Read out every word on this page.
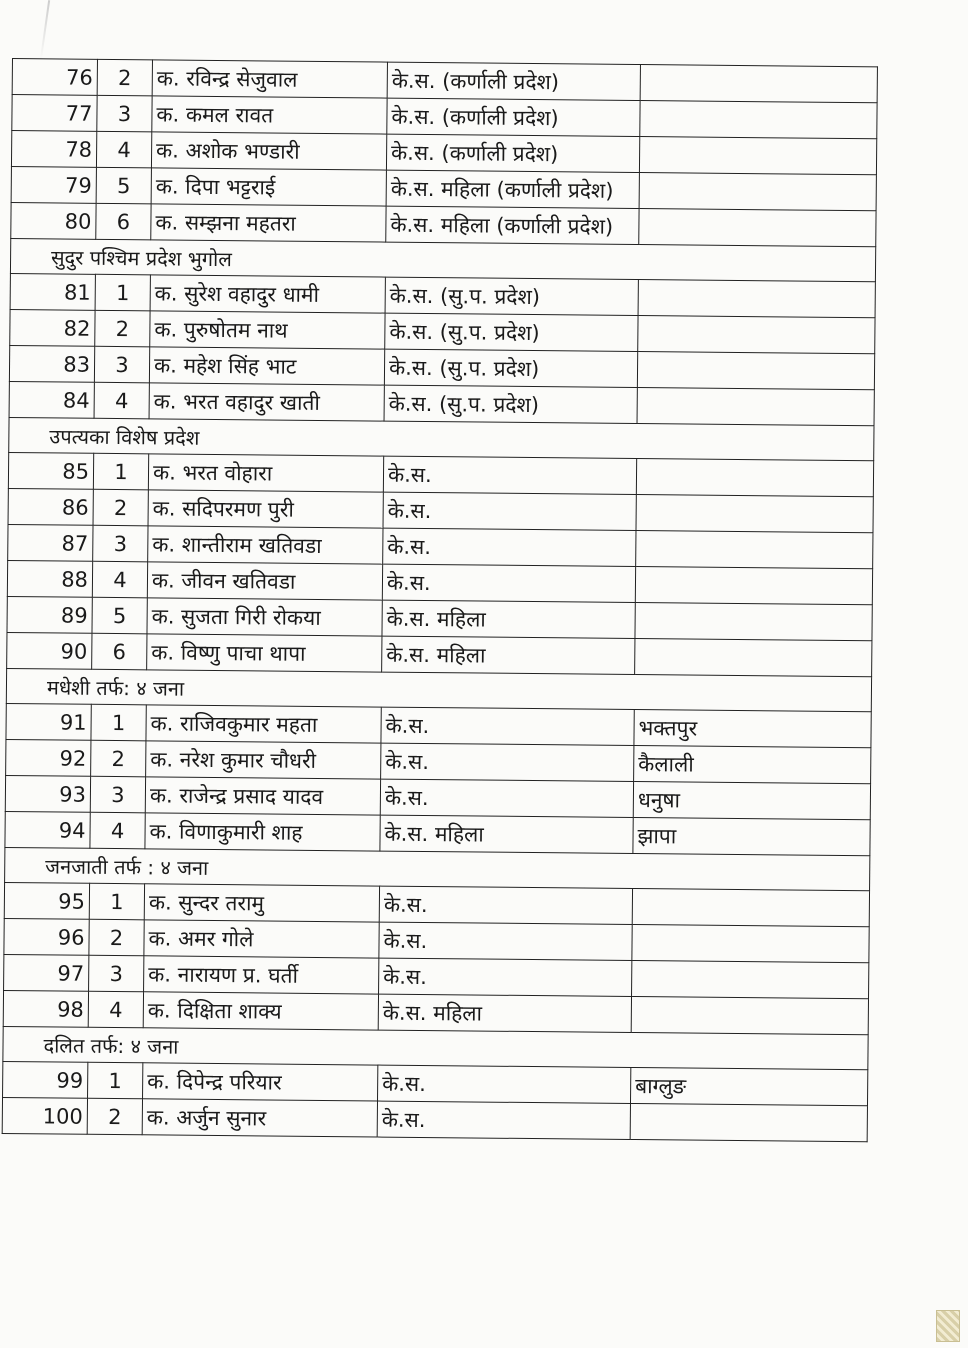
76	2	क. रविन्द्र सेजुवाल	के.स. (कर्णाली प्रदेश)	
77	3	क. कमल रावत	के.स. (कर्णाली प्रदेश)	
78	4	क. अशोक भण्डारी	के.स. (कर्णाली प्रदेश)	
79	5	क. दिपा भट्टराई	के.स. महिला (कर्णाली प्रदेश)	
80	6	क. सम्झना महतरा	के.स. महिला (कर्णाली प्रदेश)	
सुदुर पश्चिम प्रदेश भुगोल				
81	1	क. सुरेश वहादुर धामी	के.स. (सु.प. प्रदेश)	
82	2	क. पुरुषोतम नाथ	के.स. (सु.प. प्रदेश)	
83	3	क. महेश सिंह भाट	के.स. (सु.प. प्रदेश)	
84	4	क. भरत वहादुर खाती	के.स. (सु.प. प्रदेश)	
उपत्यका विशेष प्रदेश				
85	1	क. भरत वोहारा	के.स.	
86	2	क. सदिपरमण पुरी	के.स.	
87	3	क. शान्तीराम खतिवडा	के.स.	
88	4	क. जीवन खतिवडा	के.स.	
89	5	क. सुजता गिरी रोकया	के.स. महिला	
90	6	क. विष्णु पाचा थापा	के.स. महिला	
मधेशी तर्फ: ४ जना				
91	1	क. राजिवकुमार महता	के.स.	भक्तपुर
92	2	क. नरेश कुमार चौधरी	के.स.	कैलाली
93	3	क. राजेन्द्र प्रसाद यादव	के.स.	धनुषा
94	4	क. विणाकुमारी शाह	के.स. महिला	झापा
जनजाती तर्फ : ४ जना				
95	1	क. सुन्दर तरामु	के.स.	
96	2	क. अमर गोले	के.स.	
97	3	क. नारायण प्र. घर्ती	के.स.	
98	4	क. दिक्षिता शाक्य	के.स. महिला	
दलित तर्फ: ४ जना				
99	1	क. दिपेन्द्र परियार	के.स.	बाग्लुङ
100	2	क. अर्जुन सुनार	के.स.	
